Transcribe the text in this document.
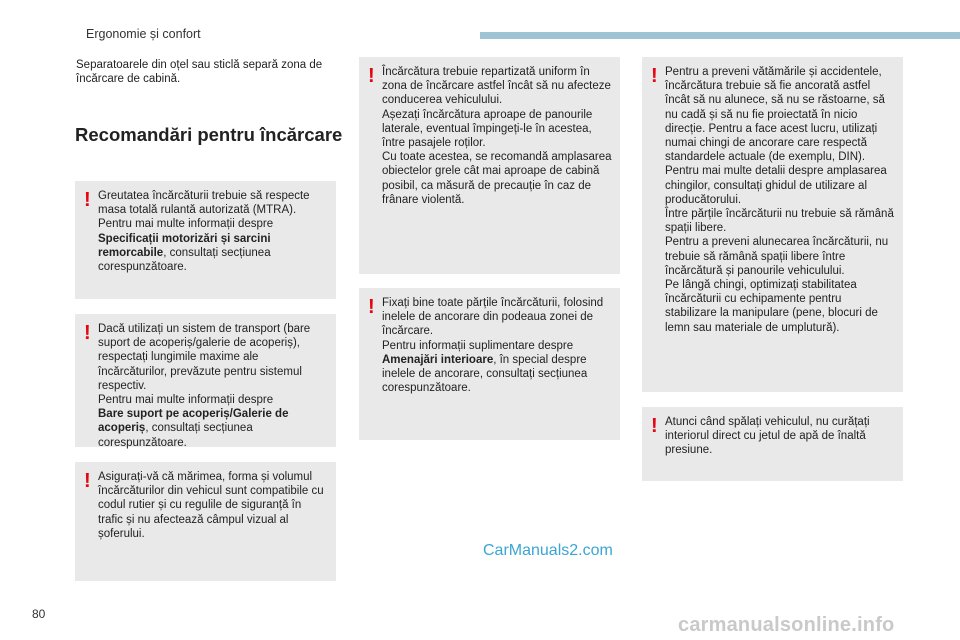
Ergonomie și confort
Separatoarele din oțel sau sticlă separă zona de încărcare de cabină.
Recomandări pentru încărcare
! Greutatea încărcăturii trebuie să respecte masa totală rulantă autorizată (MTRA).
Pentru mai multe informații despre
Specificații motorizări și sarcini remorcabile, consultați secțiunea corespunzătoare.
! Dacă utilizați un sistem de transport (bare suport de acoperiș/galerie de acoperiș), respectați lungimile maxime ale încărcăturilor, prevăzute pentru sistemul respectiv.
Pentru mai multe informații despre
Bare suport pe acoperiș/Galerie de acoperiș, consultați secțiunea corespunzătoare.
! Asigurați-vă că mărimea, forma și volumul încărcăturilor din vehicul sunt compatibile cu codul rutier și cu regulile de siguranță în trafic și nu afectează câmpul vizual al șoferului.
! Încărcătura trebuie repartizată uniform în zona de încărcare astfel încât să nu afecteze conducerea vehiculului.
Așezați încărcătura aproape de panourile laterale, eventual împingeți-le în acestea, între pasajele roților.
Cu toate acestea, se recomandă amplasarea obiectelor grele cât mai aproape de cabină posibil, ca măsură de precauție în caz de frânare violentă.
! Fixați bine toate părțile încărcăturii, folosind inelele de ancorare din podeaua zonei de încărcare.
Pentru informații suplimentare despre
Amenajări interioare, în special despre inelele de ancorare, consultați secțiunea corespunzătoare.
! Pentru a preveni vătămările și accidentele, încărcătura trebuie să fie ancorată astfel încât să nu alunece, să nu se răstoarne, să nu cadă și să nu fie proiectată în nicio direcție. Pentru a face acest lucru, utilizați numai chingi de ancorare care respectă standardele actuale (de exemplu, DIN).
Pentru mai multe detalii despre amplasarea chingilor, consultați ghidul de utilizare al producătorului.
Între părțile încărcăturii nu trebuie să rămână spații libere.
Pentru a preveni alunecarea încărcăturii, nu trebuie să rămână spații libere între încărcătură și panourile vehiculului.
Pe lângă chingi, optimizați stabilitatea încărcăturii cu echipamente pentru stabilizare la manipulare (pene, blocuri de lemn sau materiale de umplutură).
! Atunci când spălați vehiculul, nu curățați interiorul direct cu jetul de apă de înaltă presiune.
80
CarManuals2.com
carmanualsonline.info
